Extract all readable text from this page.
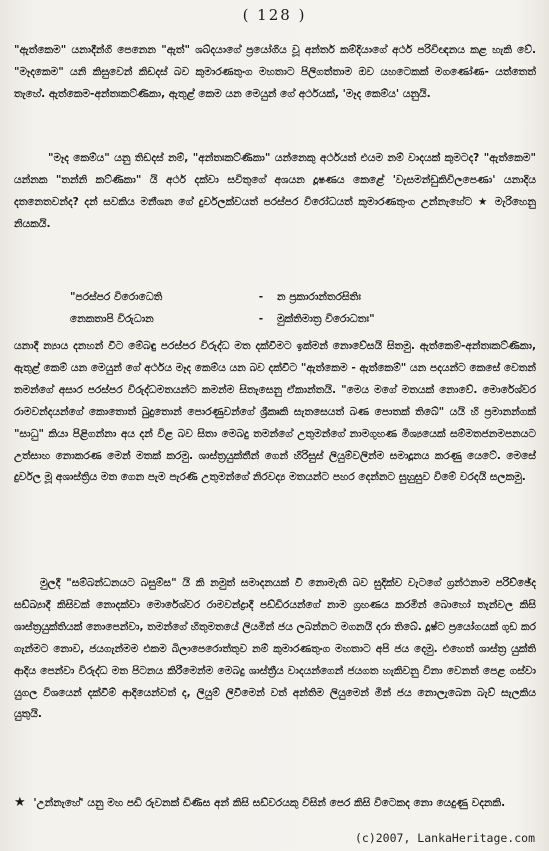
( 128 )
"ඇත්කෙම" යනාදීන්ගි පෙනෙන "ඇත්" ශබ්දයාගේ ප්‍රයෝගිය වූ අන්තර් කම්දියාගේ අර්ථ පරිවිඥනය කළ හැකි වේ. "මෑදකෙම" යනි කිසුවෙන් කිඩදස් බව කුමාරණතුංග මහතාට පිලිගත්තාම ඔව යහටෙකක් මගණෝණ- යත්තෙත් තැහේ. ඇත්කෙම-අන්තඃකට්ණිකා, ඇතුළ් කෙම යන මෙයුන් ගේ අර්ථයක්, 'මෑද කෙම්ය' යනුයි.
"මෑද කෙම්ය" යනු තිඩදස් නම්, "අන්තඃකට්ණිකා" යන්නෙකු අර්ථයත් එයම නම් වාදයක් කුමටද? "ඇත්කෙම" යන්නක "තන්නි කට්ණිකා" යි අර්ථ දක්වා සවිතුගේ අශයන දූෂණය කෙළේ 'වැසමන්ඩුකිවිලපෙණා' යනාදිය දතනෙතවන්ද? දන් සවකිය මනීශන ගේ දුර්වලක්වයත් පරස්පර විරෝධයත් කුමාරණතුංග උන්නැහේට ★ මැරිහෙනු නියකයි.
"පරස්පර විරොධෙති	-	න ප්‍රකාරාන්තරසිතිඃ
නෙකතාපි විරුධාන	-	මුක්තිමාත්‍ර විරොධතඃ"
යනාදී න්‍යාය දනහන් වීට මේබඳු පරස්පර විරුද්ධ මත දක්වීමට ඉක්මන් නොවේසයි සිතමු. ඇත්කෙම්-අන්තඃකට්ණිකා, ඇතුළ් කෙම් යන මෙයුන් ගේ අර්ථය මෑද කෙම්ය යන බව දක්වීට "ඇත්කෙම - ඇත්කෙම්" යන පදයන්ට කෙසේ වෙතන් තමන්ගේ අසාර පරස්පර විරුද්ධමතයන්ට කමන්ම සිතැසෙනු ඒකාන්තයි. "මෙය මගේ මතයක් නොවේ. මොරේශ්වර රාමවන්දයන්ගේ කොතොත් බුදුතොන් පොරණුවන්ගේ ශ්‍රීකෘකි සැතසෙයත් බණ පොතක් තිබේ" යයි හි ප්‍රමානන්ගක් "සාධු" කියා පිළිගන්නා අය දන් විළ බව සිතා මෙබදු තමන්ගේ උතුමන්ගේ නාමගුහණ මිශ්‍යයෙක් සම්මතජනමපනයට උත්සාහ නොකරණ මෙන් මතක් කරමු. ශාස්ත්‍රයුක්තීන් ගෙන් හිරිසුස් ලියුම්වලින්ම සමාදූනය කරණු යෙටේ. මෙසේ දුර්වල මූ අශාස්ත්‍රිය මත ගෙන පැම පැරණි උතුමන්ගේ නිරවද්‍ය මතයන්ට පහර දෙන්නට සුහුසුව විමේ වරදයි සලකමු.
මුලදී "සම්බන්ධනයට බසුම්ස" යි කි නමුත් සමාදනයක් වී නොමැති බව සුදික්ව වැටගේ ග්‍රන්ථනාම පරිච්ඡේද සඩ්ඛ්‍යාදී කිසිවක් නොදක්වා මොරේශ්වර රාමවන්ද්‍රාදී පඩ්ඩිරයන්ගේ නාම ග්‍රහණය කරමින් බොහෝ තැන්වල කිසි ශාස්ත්‍රයුක්තියක් නොපෙන්වා, තමන්ගේ හිතුමතයේ ලියමින් ජය ලබන්නට මගනයි දරා තිබේ. දූෂ්ට ප්‍රයෝගයක් ගුඩ කර ගැන්මට නොව, ජයගැන්මම එකම බිලාපෙරොත්තුව නම් කුමාරණතුංග මහතාට අපි ජය දෙමු. එහෙත් ශාස්ත්‍ර යුක්ති ආදිය පෙන්වා විරුද්ධ මත පිටනය කිරීමෙන්ම මෙබදු ශාස්ත්‍රීය වාදයන්ගෙන් ජයගත හැකිවනු විනා වෙනත් පෙළ ගස්වා යුගල විශයෙන් දක්වීම් ආදියෙන්වත් ද, ලියුම් ලිවීමෙන් වත් අන්තිම ලියුමෙන් මින් ජය නොලැබෙන බැව් සැලකිය යුතුයි.
★ 'උන්නැහේ' යනු මහ පඩි රුවනක් ඩිණිස අන් කිසි සඩ්වරයකු විසින් පෙර කිසි විටෙකද නො යෙදුණු වදනකි.
(c)2007, LankaHeritage.com
